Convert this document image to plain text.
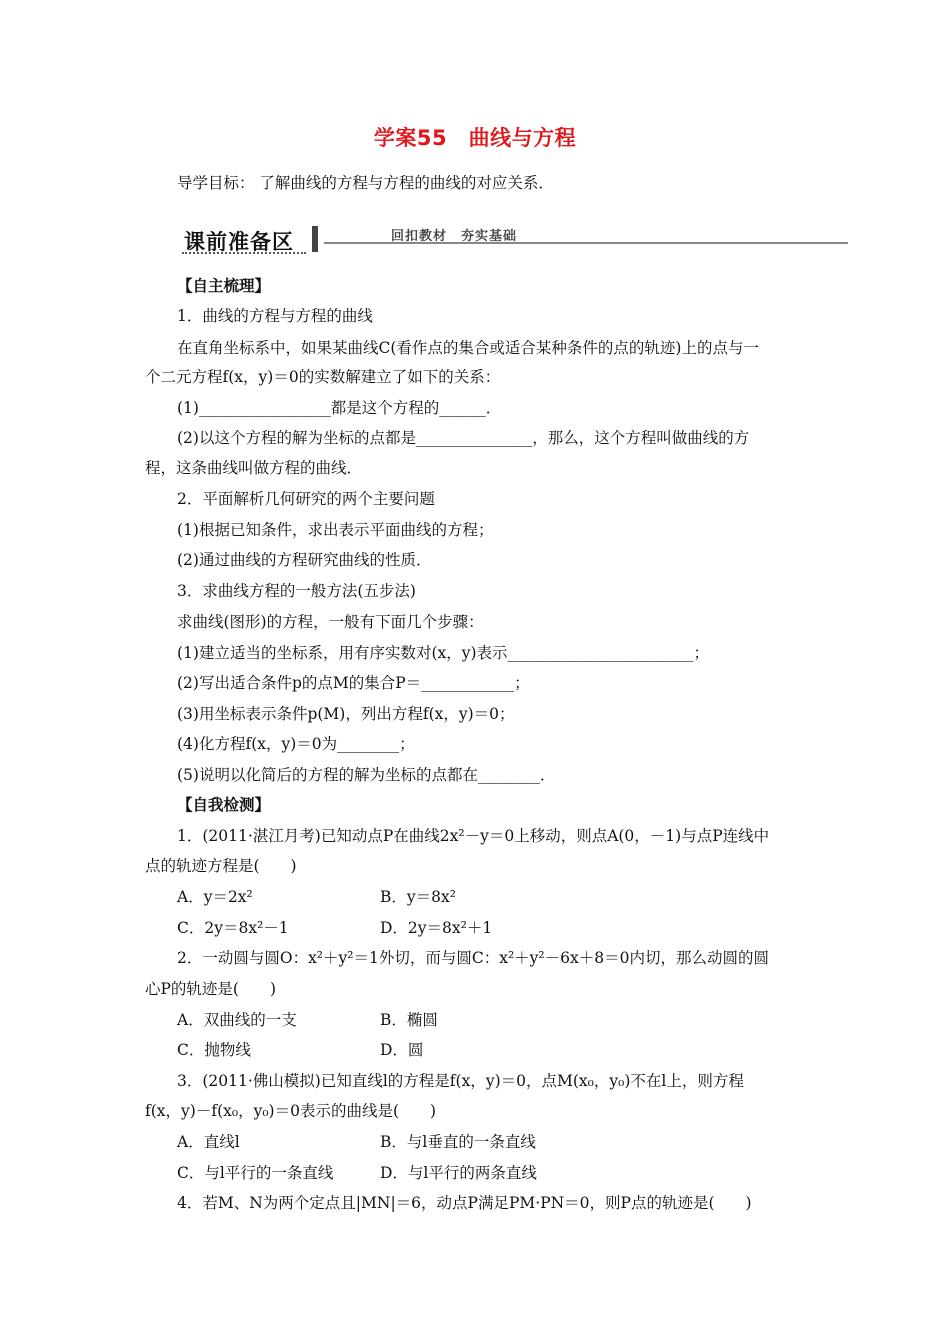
学案55　曲线与方程
导学目标： 了解曲线的方程与方程的曲线的对应关系．
课前准备区	回扣教材　夯实基础
【自主梳理】
1．曲线的方程与方程的曲线
在直角坐标系中，如果某曲线C(看作点的集合或适合某种条件的点的轨迹)上的点与一
个二元方程f(x，y)＝0的实数解建立了如下的关系：
(1)_________________都是这个方程的______．
(2)以这个方程的解为坐标的点都是_______________，那么，这个方程叫做曲线的方
程，这条曲线叫做方程的曲线．
2．平面解析几何研究的两个主要问题
(1)根据已知条件，求出表示平面曲线的方程；
(2)通过曲线的方程研究曲线的性质．
3．求曲线方程的一般方法(五步法)
求曲线(图形)的方程，一般有下面几个步骤：
(1)建立适当的坐标系，用有序实数对(x，y)表示________________________；
(2)写出适合条件p的点M的集合P＝____________；
(3)用坐标表示条件p(M)，列出方程f(x，y)＝0；
(4)化方程f(x，y)＝0为________；
(5)说明以化简后的方程的解为坐标的点都在________．
【自我检测】
1．(2011·湛江月考)已知动点P在曲线2x²－y＝0上移动，则点A(0，－1)与点P连线中
点的轨迹方程是(　　)
A．y＝2x²	B．y＝8x²
C．2y＝8x²－1	D．2y＝8x²＋1
2．一动圆与圆O：x²＋y²＝1外切，而与圆C：x²＋y²－6x＋8＝0内切，那么动圆的圆
心P的轨迹是(　　)
A．双曲线的一支	B．椭圆
C．抛物线	D．圆
3．(2011·佛山模拟)已知直线l的方程是f(x，y)＝0，点M(x₀，y₀)不在l上，则方程
f(x，y)－f(x₀，y₀)＝0表示的曲线是(　　)
A．直线l	B．与l垂直的一条直线
C．与l平行的一条直线	D．与l平行的两条直线
4．若M、N为两个定点且|MN|＝6，动点P满足PM·PN＝0，则P点的轨迹是(　　)
